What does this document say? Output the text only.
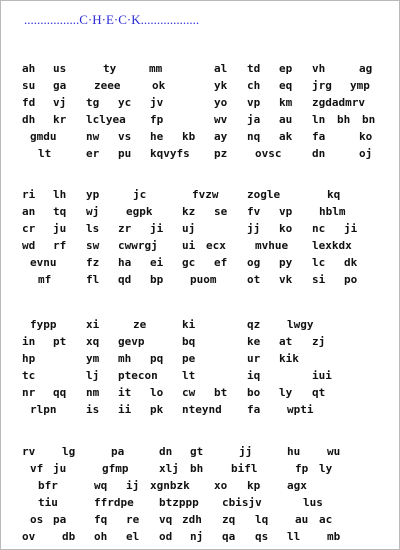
.................C·H·E·C·K..................
ah us	ty	mm	al td ep vh	ag
su ga	zeee	ok	yk ch eq jrg ymp
fd vj tg yc jv	yo vp km zgdadmrv
dh kr lclyea fp	wv ja au ln bh bn
gmdu	nw vs he kb ay nq ak fa	ko
lt	er pu kqvyfs pz	ovsc	dn	oj
ri lh yp	jc	fvzw	zogle	kq
an tq wj egpk	kz se fv vp hblm
cr ju ls zr ji uj	jj ko nc ji
wd rf sw cwwrgj ui ecx	mvhue lexkdx
evnu	fz ha ei gc ef og py lc dk
mf	fl qd bp puom	ot vk si po
fypp	xi	ze	ki	qz lwgy
in pt xq gevp	bq	ke at zj
hp	ym mh pq pe	ur kik
tc	lj ptecon lt	iq	iui
nr qq nm it lo cw bt bo ly qt
rlpn	is ii pk nteynd fa wpti
rv lg	pa	dn gt	jj	hu wu
vf ju	gfmp	xlj bh	bifl	fp ly
bfr	wq ij xgnbzk xo kp agx
tiu	ffrdpe btzppp cbisjv	lus
os pa	fq re vq zdh zq lq au ac
ov db oh el od nj qa qs ll mb
